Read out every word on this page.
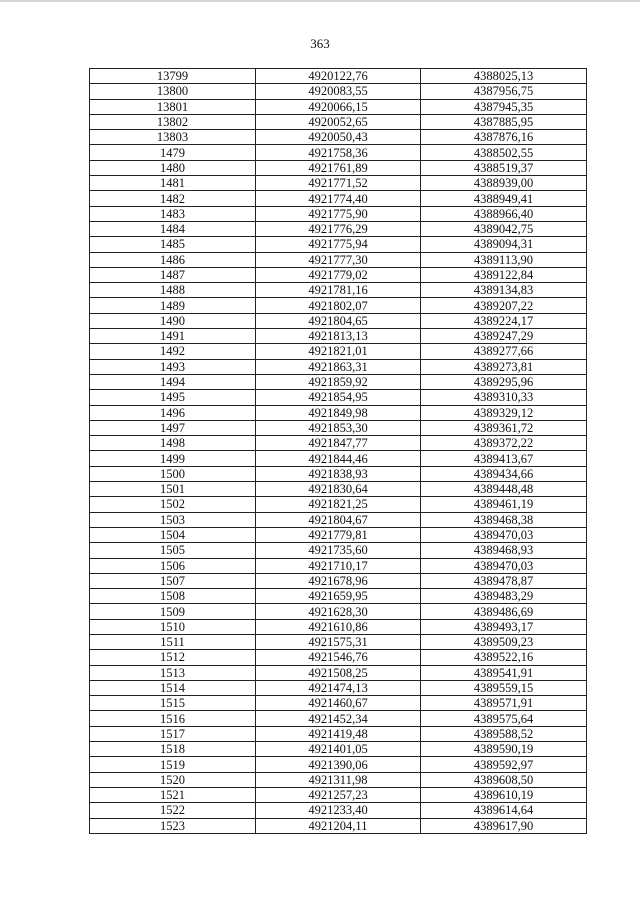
363
13799	4920122,76	4388025,13
13800	4920083,55	4387956,75
13801	4920066,15	4387945,35
13802	4920052,65	4387885,95
13803	4920050,43	4387876,16
1479	4921758,36	4388502,55
1480	4921761,89	4388519,37
1481	4921771,52	4388939,00
1482	4921774,40	4388949,41
1483	4921775,90	4388966,40
1484	4921776,29	4389042,75
1485	4921775,94	4389094,31
1486	4921777,30	4389113,90
1487	4921779,02	4389122,84
1488	4921781,16	4389134,83
1489	4921802,07	4389207,22
1490	4921804,65	4389224,17
1491	4921813,13	4389247,29
1492	4921821,01	4389277,66
1493	4921863,31	4389273,81
1494	4921859,92	4389295,96
1495	4921854,95	4389310,33
1496	4921849,98	4389329,12
1497	4921853,30	4389361,72
1498	4921847,77	4389372,22
1499	4921844,46	4389413,67
1500	4921838,93	4389434,66
1501	4921830,64	4389448,48
1502	4921821,25	4389461,19
1503	4921804,67	4389468,38
1504	4921779,81	4389470,03
1505	4921735,60	4389468,93
1506	4921710,17	4389470,03
1507	4921678,96	4389478,87
1508	4921659,95	4389483,29
1509	4921628,30	4389486,69
1510	4921610,86	4389493,17
1511	4921575,31	4389509,23
1512	4921546,76	4389522,16
1513	4921508,25	4389541,91
1514	4921474,13	4389559,15
1515	4921460,67	4389571,91
1516	4921452,34	4389575,64
1517	4921419,48	4389588,52
1518	4921401,05	4389590,19
1519	4921390,06	4389592,97
1520	4921311,98	4389608,50
1521	4921257,23	4389610,19
1522	4921233,40	4389614,64
1523	4921204,11	4389617,90
